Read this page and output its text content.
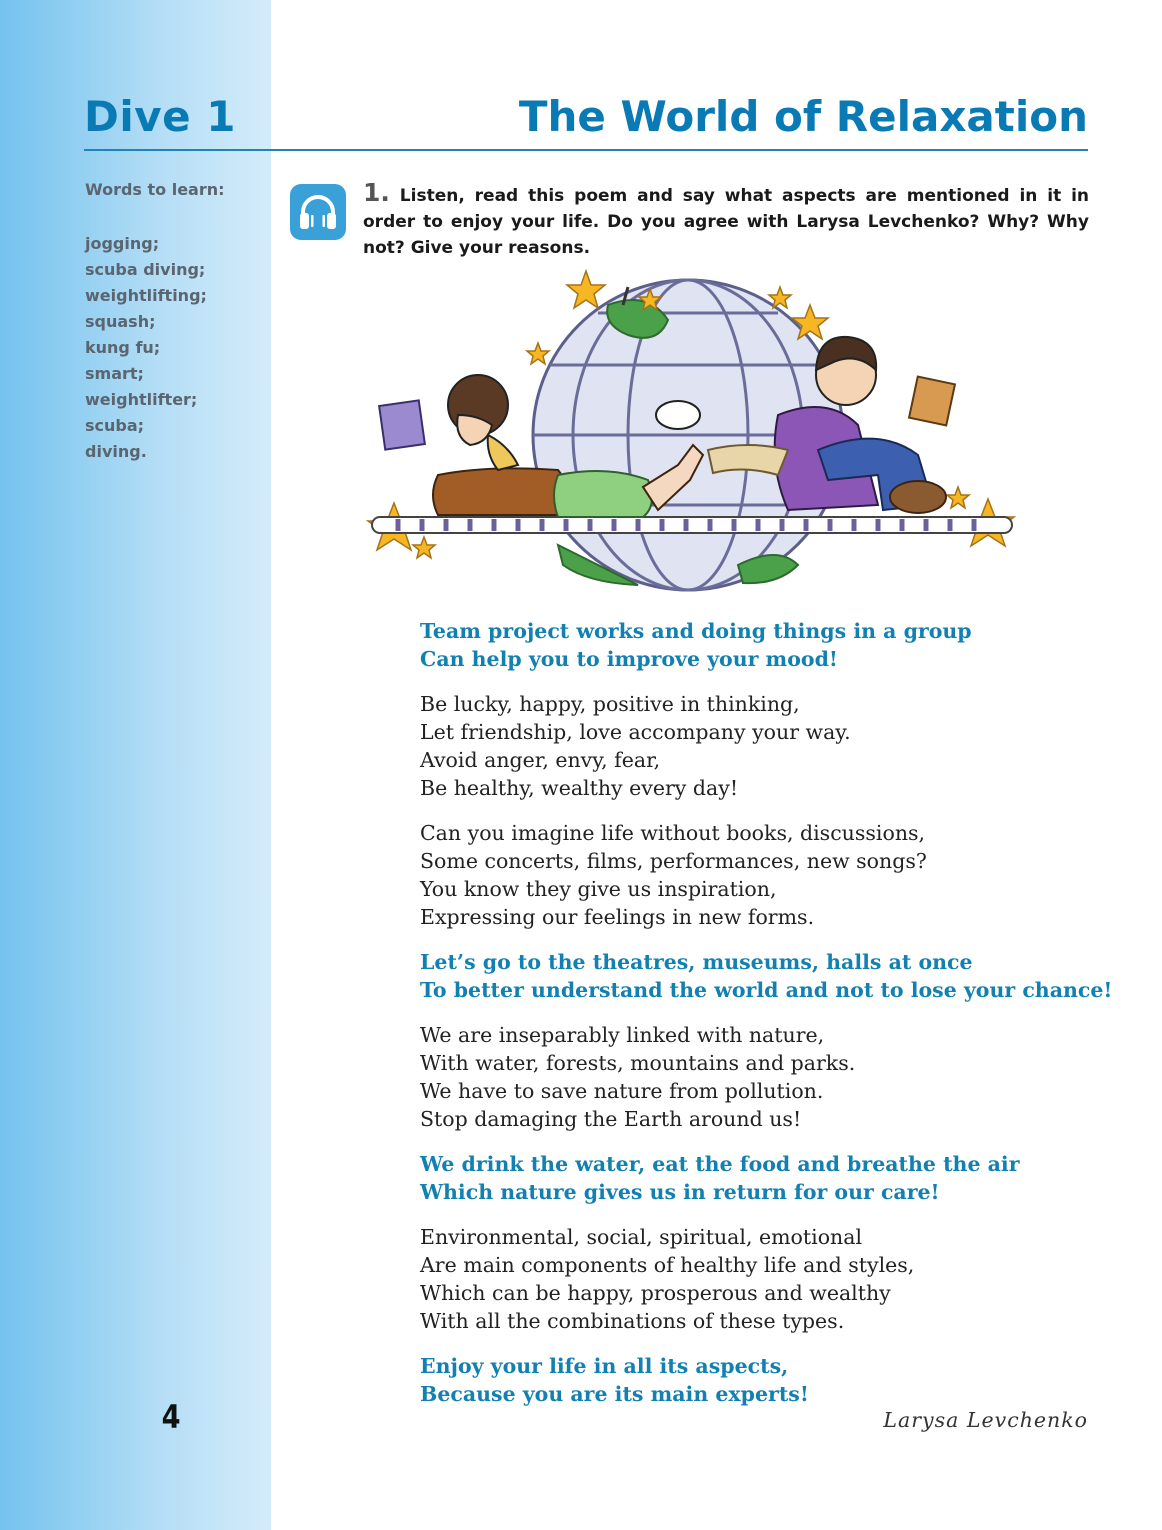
Dive 1	The World of Relaxation
Words to learn:
jogging;
scuba diving;
weightlifting;
squash;
kung fu;
smart;
weightlifter;
scuba;
diving.
4
1. Listen, read this poem and say what aspects are mentioned in it in order to enjoy your life. Do you agree with Larysa Levchenko? Why? Why not? Give your reasons.
Team project works and doing things in a group
Can help you to improve your mood!
Be lucky, happy, positive in thinking,
Let friendship, love accompany your way.
Avoid anger, envy, fear,
Be healthy, wealthy every day!
Can you imagine life without books, discussions,
Some concerts, films, performances, new songs?
You know they give us inspiration,
Expressing our feelings in new forms.
Let’s go to the theatres, museums, halls at once
To better understand the world and not to lose your chance!
We are inseparably linked with nature,
With water, forests, mountains and parks.
We have to save nature from pollution.
Stop damaging the Earth around us!
We drink the water, eat the food and breathe the air
Which nature gives us in return for our care!
Environmental, social, spiritual, emotional
Are main components of healthy life and styles,
Which can be happy, prosperous and wealthy
With all the combinations of these types.
Enjoy your life in all its aspects,
Because you are its main experts!
Larysa Levchenko
